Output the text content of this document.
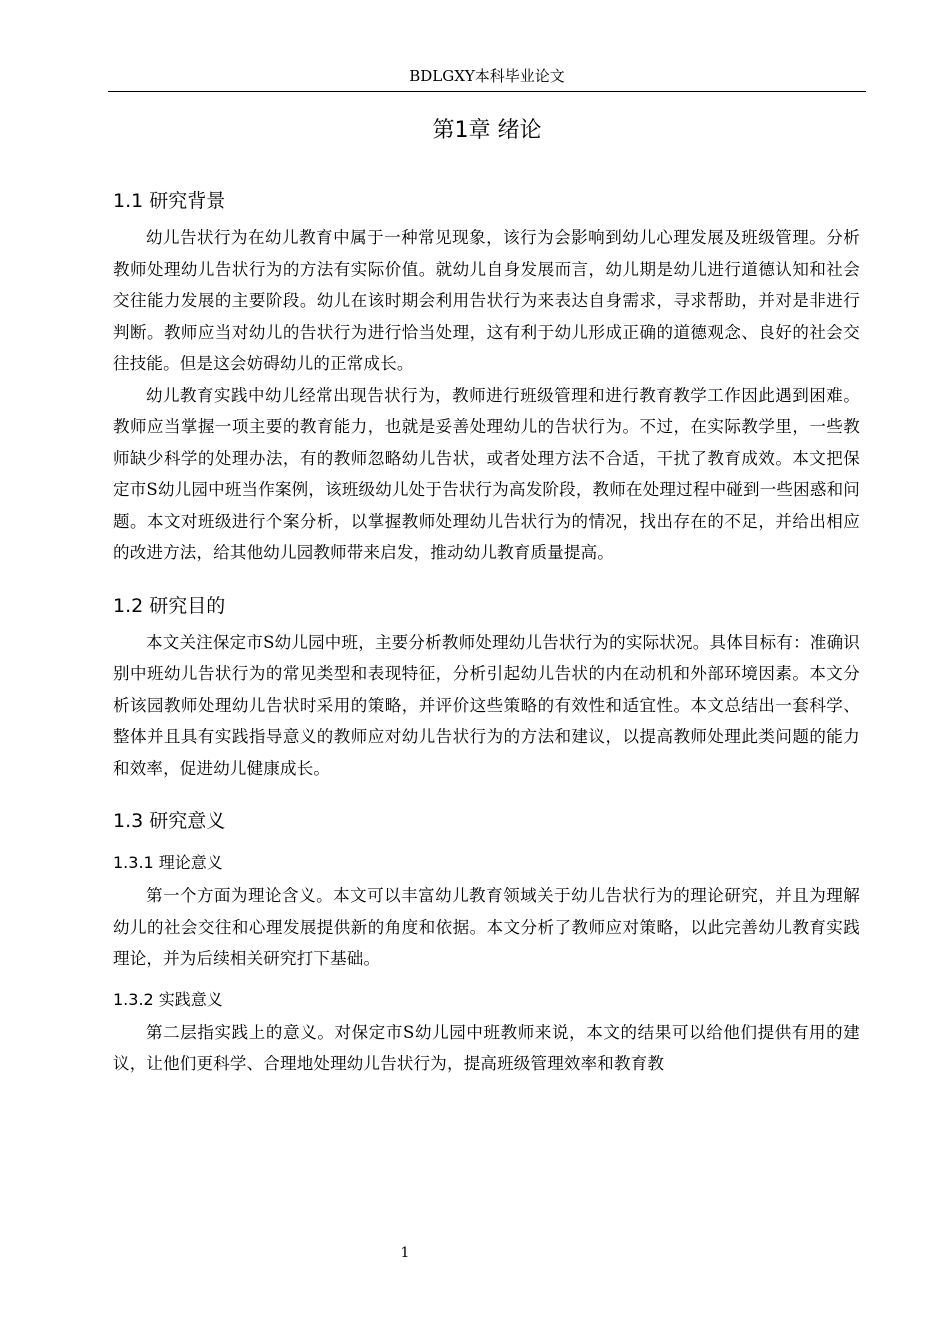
BDLGXY本科毕业论文
第1章 绪论
1.1 研究背景

幼儿告状行为在幼儿教育中属于一种常见现象，该行为会影响到幼儿心理发展及班级管理。分析教师处理幼儿告状行为的方法有实际价值。就幼儿自身发展而言，幼儿期是幼儿进行道德认知和社会交往能力发展的主要阶段。幼儿在该时期会利用告状行为来表达自身需求，寻求帮助，并对是非进行判断。教师应当对幼儿的告状行为进行恰当处理，这有利于幼儿形成正确的道德观念、良好的社会交往技能。但是这会妨碍幼儿的正常成长。

幼儿教育实践中幼儿经常出现告状行为，教师进行班级管理和进行教育教学工作因此遇到困难。教师应当掌握一项主要的教育能力，也就是妥善处理幼儿的告状行为。不过，在实际教学里，一些教师缺少科学的处理办法，有的教师忽略幼儿告状，或者处理方法不合适，干扰了教育成效。本文把保定市S幼儿园中班当作案例，该班级幼儿处于告状行为高发阶段，教师在处理过程中碰到一些困惑和问题。本文对班级进行个案分析，以掌握教师处理幼儿告状行为的情况，找出存在的不足，并给出相应的改进方法，给其他幼儿园教师带来启发，推动幼儿教育质量提高。

1.2 研究目的

本文关注保定市S幼儿园中班，主要分析教师处理幼儿告状行为的实际状况。具体目标有：准确识别中班幼儿告状行为的常见类型和表现特征，分析引起幼儿告状的内在动机和外部环境因素。本文分析该园教师处理幼儿告状时采用的策略，并评价这些策略的有效性和适宜性。本文总结出一套科学、整体并且具有实践指导意义的教师应对幼儿告状行为的方法和建议，以提高教师处理此类问题的能力和效率，促进幼儿健康成长。

1.3 研究意义
1.3.1 理论意义

第一个方面为理论含义。本文可以丰富幼儿教育领域关于幼儿告状行为的理论研究，并且为理解幼儿的社会交往和心理发展提供新的角度和依据。本文分析了教师应对策略，以此完善幼儿教育实践理论，并为后续相关研究打下基础。

1.3.2 实践意义

第二层指实践上的意义。对保定市S幼儿园中班教师来说，本文的结果可以给他们提供有用的建议，让他们更科学、合理地处理幼儿告状行为，提高班级管理效率和教育教

1
